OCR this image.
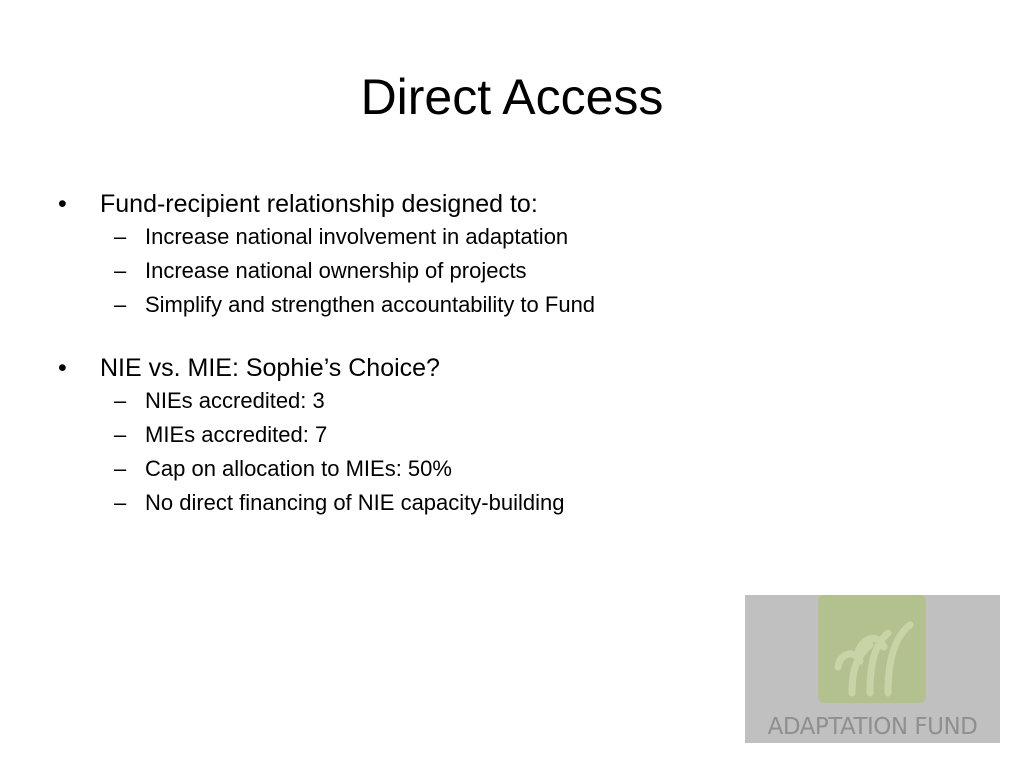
Direct Access
• Fund-recipient relationship designed to:
– Increase national involvement in adaptation
– Increase national ownership of projects
– Simplify and strengthen accountability to Fund
• NIE vs. MIE: Sophie’s Choice?
– NIEs accredited: 3
– MIEs accredited: 7
– Cap on allocation to MIEs: 50%
– No direct financing of NIE capacity-building
ADAPTATION FUND
